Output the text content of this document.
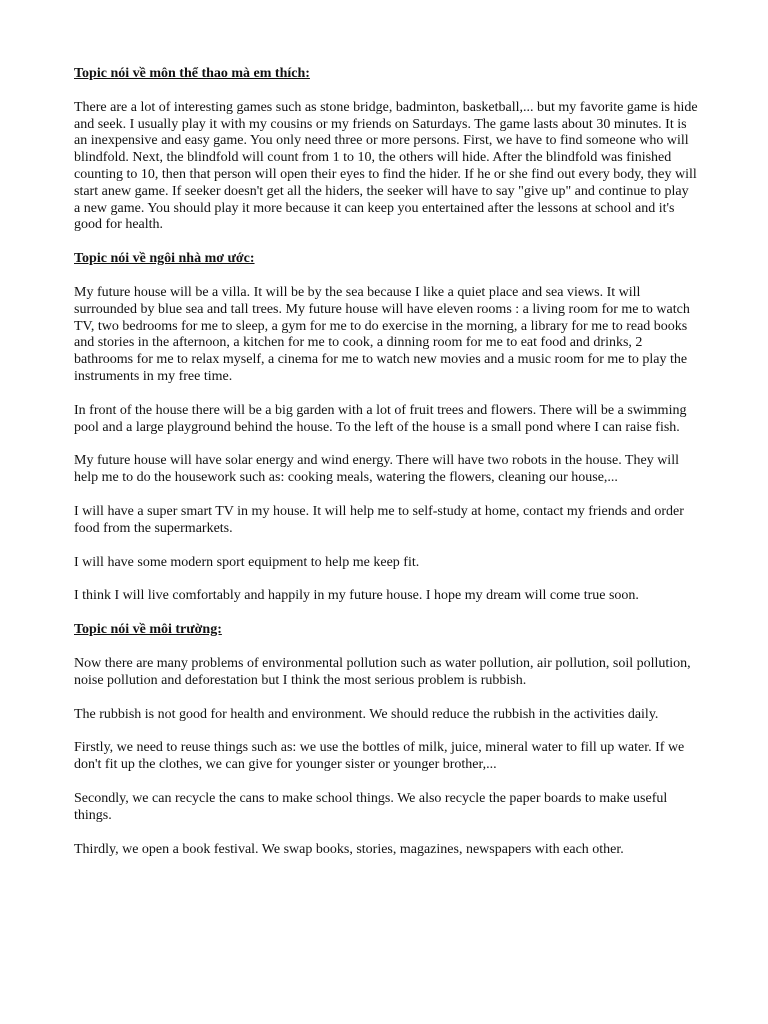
Topic nói về môn thể thao mà em thích:

There are a lot of interesting games such as stone bridge, badminton, basketball,... but my favorite game is hide and seek. I usually play it with my cousins or my friends on Saturdays. The game lasts about 30 minutes. It is an inexpensive and easy game. You only need three or more persons. First, we have to find someone who will blindfold. Next, the blindfold will count from 1 to 10, the others will hide. After the blindfold was finished counting to 10, then that person will open their eyes to find the hider. If he or she find out every body, they will start anew game. If seeker doesn't get all the hiders, the seeker will have to say "give up" and continue to play a new game. You should play it more because it can keep you entertained after the lessons at school and it's good for health.

Topic nói về ngôi nhà mơ ước:

My future house will be a villa. It will be by the sea because I like a quiet place and sea views. It will surrounded by blue sea and tall trees. My future house will have eleven rooms : a living room for me to watch TV, two bedrooms for me to sleep, a gym for me to do exercise in the morning, a library for me to read books and stories in the afternoon, a kitchen for me to cook, a dinning room for me to eat food and drinks, 2 bathrooms for me to relax myself, a cinema for me to watch new movies and a music room for me to play the instruments in my free time.

In front of the house there will be a big garden with a lot of fruit trees and flowers. There will be a swimming pool and a large playground behind the house. To the left of the house is a small pond where I can raise fish.

My future house will have solar energy and wind energy. There will have two robots in the house. They will help me to do the housework such as: cooking meals, watering the flowers, cleaning our house,...

I will have a super smart TV in my house. It will help me to self-study at home, contact my friends and order food from the supermarkets.

I will have some modern sport equipment to help me keep fit.

I think I will live comfortably and happily in my future house. I hope my dream will come true soon.

Topic nói về môi trường:

Now there are many problems of environmental pollution such as water pollution, air pollution, soil pollution, noise pollution and deforestation but I think the most serious problem is rubbish.

The rubbish is not good for health and environment. We should reduce the rubbish in the activities daily.

Firstly, we need to reuse things such as: we use the bottles of milk, juice, mineral water to fill up water. If we don't fit up the clothes, we can give for younger sister or younger brother,...

Secondly, we can recycle the cans to make school things. We also recycle the paper boards to make useful things.

Thirdly, we open a book festival. We swap books, stories, magazines, newspapers with each other.
